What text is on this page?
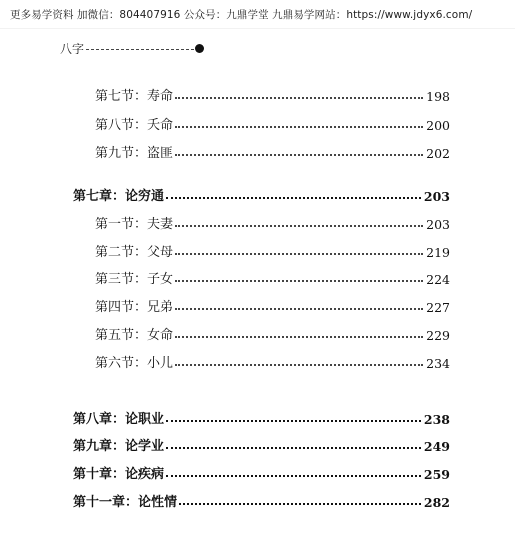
更多易学资料 加微信：804407916 公众号：九鼎学堂 九鼎易学网站：https://www.jdyx6.com/
八字
第七节：寿命	198
第八节：夭命	200
第九节：盗匪	202
第七章：论穷通	203
第一节：夫妻	203
第二节：父母	219
第三节：子女	224
第四节：兄弟	227
第五节：女命	229
第六节：小儿	234
第八章：论职业	238
第九章：论学业	249
第十章：论疾病	259
第十一章：论性情	282
